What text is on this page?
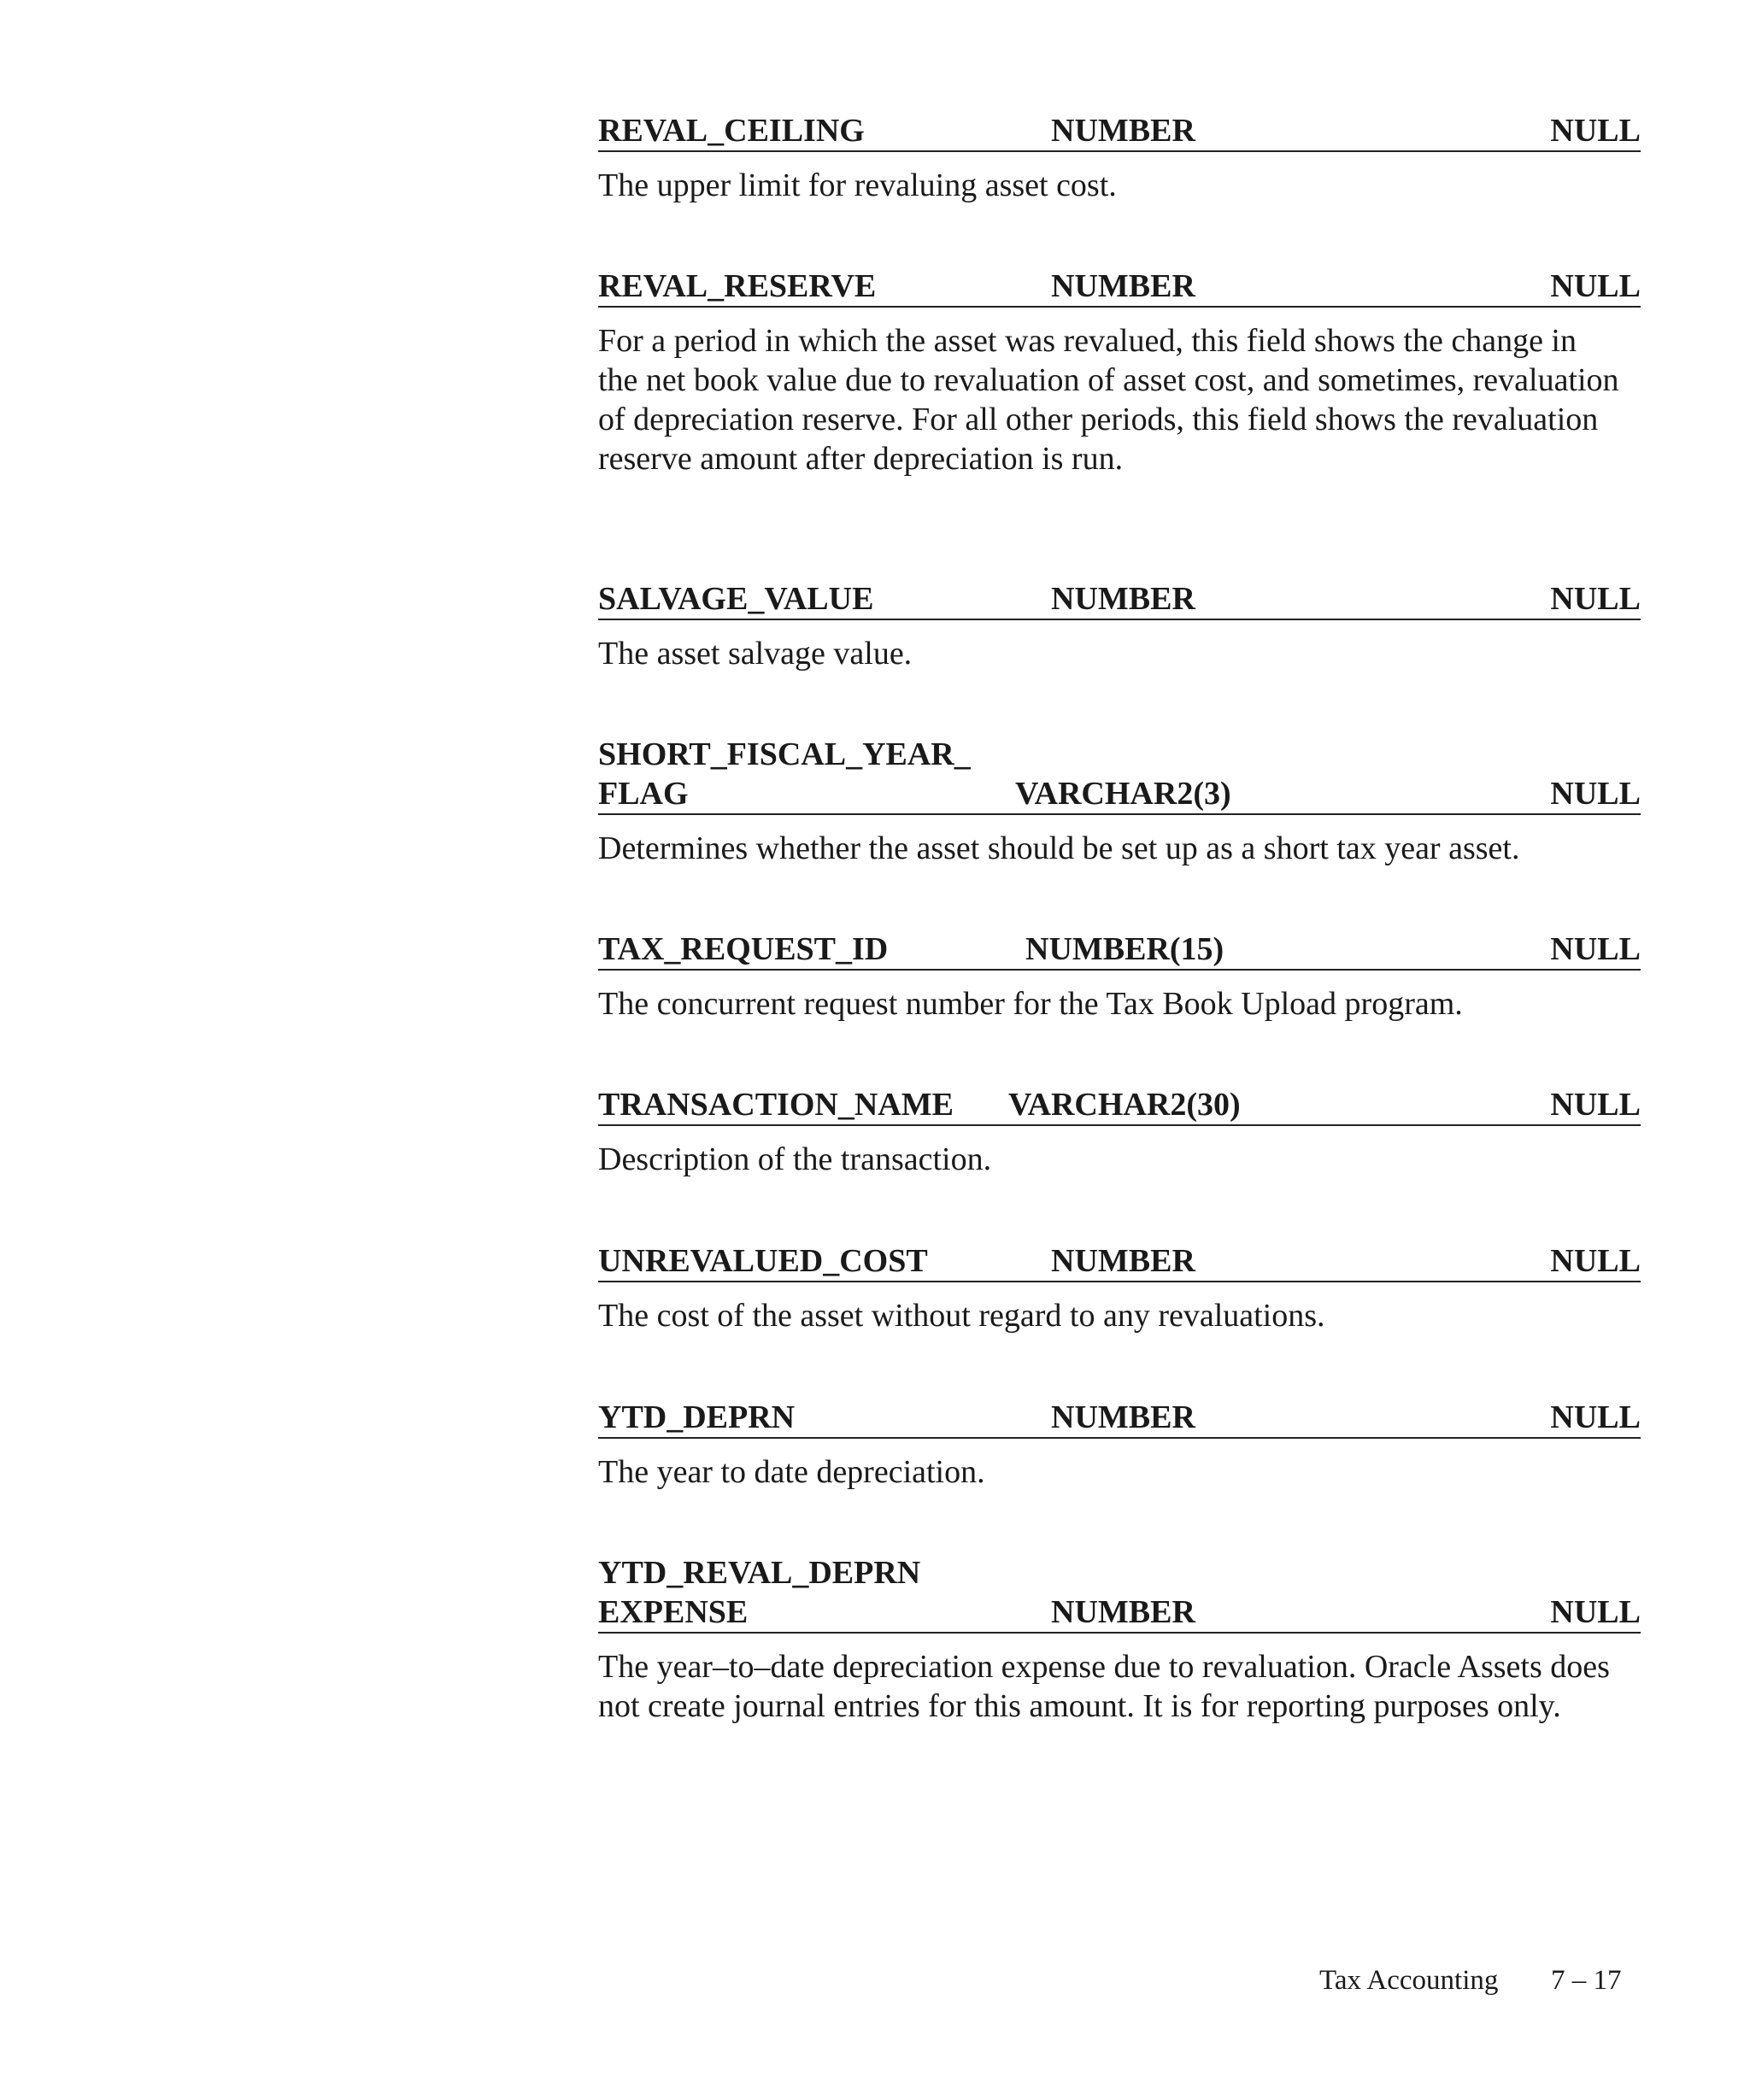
REVAL_CEILING	NUMBER	NULL
The upper limit for revaluing asset cost.
REVAL_RESERVE	NUMBER	NULL
For a period in which the asset was revalued, this field shows the change in the net book value due to revaluation of asset cost, and sometimes, revaluation of depreciation reserve. For all other periods, this field shows the revaluation reserve amount after depreciation is run.
SALVAGE_VALUE	NUMBER	NULL
The asset salvage value.
SHORT_FISCAL_YEAR_
FLAG	VARCHAR2(3)	NULL
Determines whether the asset should be set up as a short tax year asset.
TAX_REQUEST_ID	NUMBER(15)	NULL
The concurrent request number for the Tax Book Upload program.
TRANSACTION_NAME VARCHAR2(30)	NULL
Description of the transaction.
UNREVALUED_COST	NUMBER	NULL
The cost of the asset without regard to any revaluations.
YTD_DEPRN	NUMBER	NULL
The year to date depreciation.
YTD_REVAL_DEPRN
EXPENSE	NUMBER	NULL
The year–to–date depreciation expense due to revaluation. Oracle Assets does not create journal entries for this amount. It is for reporting purposes only.
Tax Accounting 7 – 17
